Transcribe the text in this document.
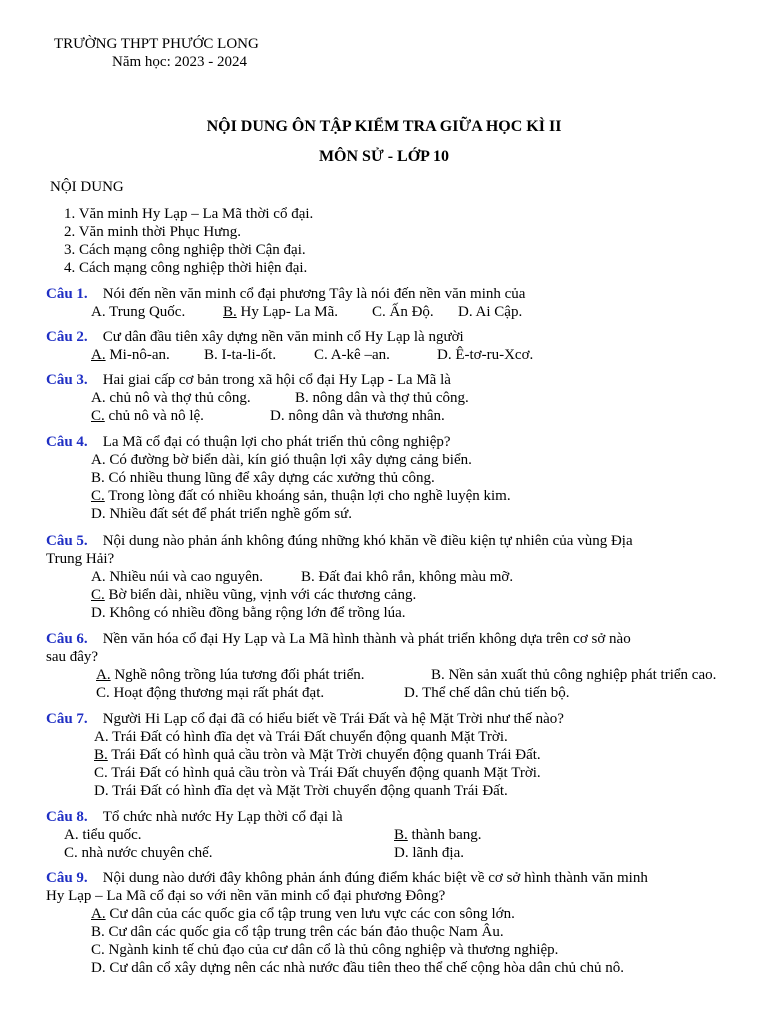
TRƯỜNG THPT PHƯỚC LONG
Năm học: 2023 - 2024
NỘI DUNG ÔN TẬP KIỂM TRA GIỮA HỌC KÌ II
MÔN SỬ - LỚP 10
NỘI DUNG
1. Văn minh Hy Lạp – La Mã thời cổ đại.
2. Văn minh thời Phục Hưng.
3. Cách mạng công nghiệp thời Cận đại.
4. Cách mạng công nghiệp thời hiện đại.
Câu 1. Nói đến nền văn minh cổ đại phương Tây là nói đến nền văn minh của
A. Trung Quốc.	B. Hy Lạp- La Mã. C. Ấn Độ. D. Ai Cập.
Câu 2. Cư dân đầu tiên xây dựng nền văn minh cổ Hy Lạp là người
A. Mi-nô-an. B. I-ta-li-ốt.	C. A-kê –an.	D. Ê-tơ-ru-Xcơ.
Câu 3. Hai giai cấp cơ bản trong xã hội cổ đại Hy Lạp - La Mã là
A. chủ nô và thợ thủ công.	B. nông dân và thợ thủ công.
C. chủ nô và nô lệ.	D. nông dân và thương nhân.
Câu 4. La Mã cổ đại có thuận lợi cho phát triển thủ công nghiệp?
A. Có đường bờ biển dài, kín gió thuận lợi xây dựng cảng biển.
B. Có nhiều thung lũng để xây dựng các xưởng thủ công.
C. Trong lòng đất có nhiều khoáng sản, thuận lợi cho nghề luyện kim.
D. Nhiều đất sét để phát triển nghề gốm sứ.
Câu 5. Nội dung nào phản ánh không đúng những khó khăn về điều kiện tự nhiên của vùng Địa
Trung Hải?
A. Nhiều núi và cao nguyên.	B. Đất đai khô rắn, không màu mỡ.
C. Bờ biển dài, nhiều vũng, vịnh với các thương cảng.
D. Không có nhiều đồng bằng rộng lớn để trồng lúa.
Câu 6. Nền văn hóa cổ đại Hy Lạp và La Mã hình thành và phát triển không dựa trên cơ sở nào
sau đây?
A. Nghề nông trồng lúa tương đối phát triển.	B. Nền sản xuất thủ công nghiệp phát triển cao.
C. Hoạt động thương mại rất phát đạt.	D. Thể chế dân chủ tiến bộ.
Câu 7. Người Hi Lạp cổ đại đã có hiểu biết về Trái Đất và hệ Mặt Trời như thế nào?
A. Trái Đất có hình đĩa dẹt và Trái Đất chuyển động quanh Mặt Trời.
B. Trái Đất có hình quả cầu tròn và Mặt Trời chuyển động quanh Trái Đất.
C. Trái Đất có hình quả cầu tròn và Trái Đất chuyển động quanh Mặt Trời.
D. Trái Đất có hình đĩa dẹt và Mặt Trời chuyển động quanh Trái Đất.
Câu 8. Tổ chức nhà nước Hy Lạp thời cổ đại là
A. tiểu quốc.	B. thành bang.
C. nhà nước chuyên chế.	D. lãnh địa.
Câu 9. Nội dung nào dưới đây không phản ánh đúng điểm khác biệt về cơ sở hình thành văn minh
Hy Lạp – La Mã cổ đại so với nền văn minh cổ đại phương Đông?
A. Cư dân của các quốc gia cổ tập trung ven lưu vực các con sông lớn.
B. Cư dân các quốc gia cổ tập trung trên các bán đảo thuộc Nam Âu.
C. Ngành kinh tế chủ đạo của cư dân cổ là thủ công nghiệp và thương nghiệp.
D. Cư dân cổ xây dựng nên các nhà nước đầu tiên theo thể chế cộng hòa dân chủ chủ nô.
